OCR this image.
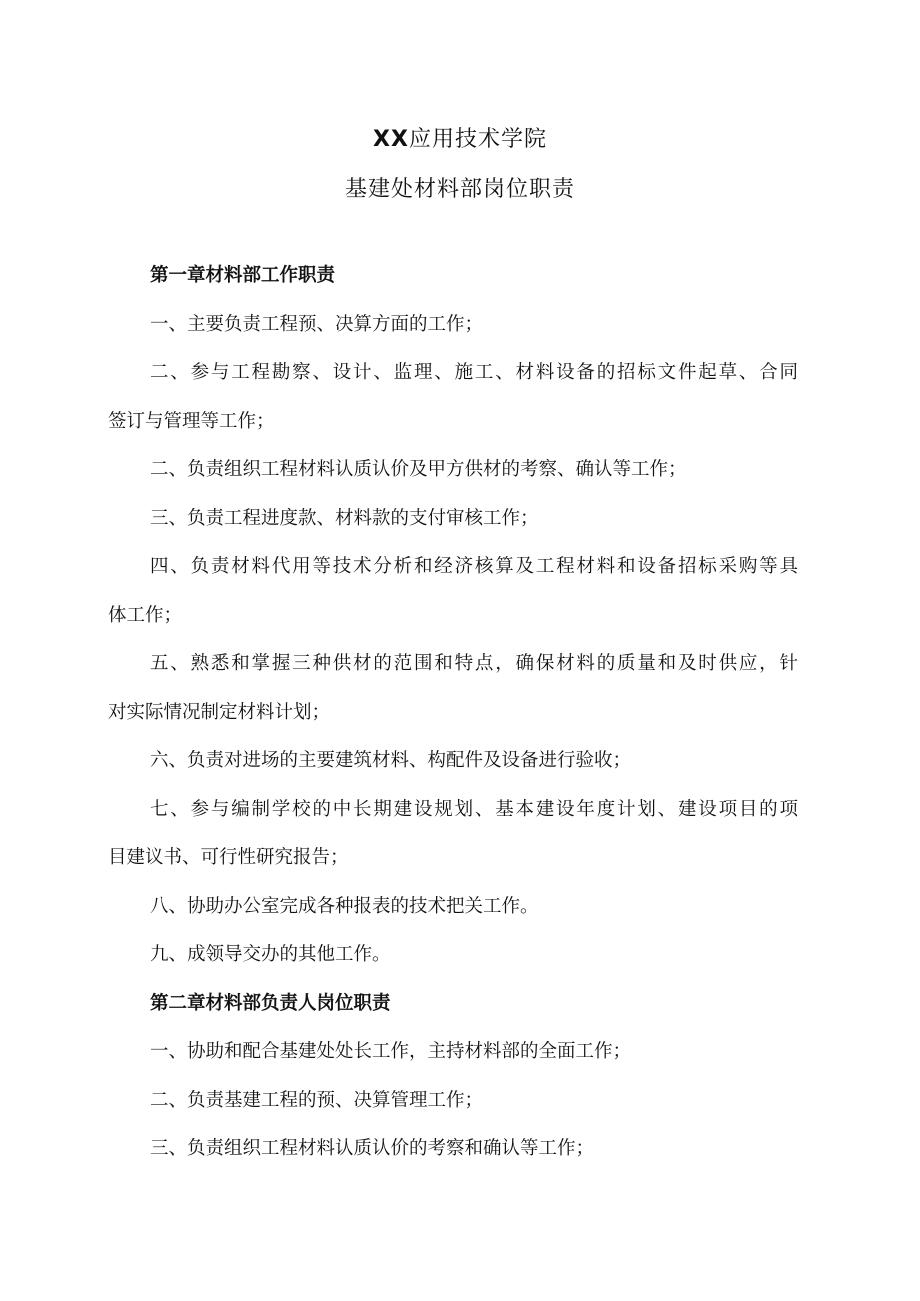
XX应用技术学院
基建处材料部岗位职责
第一章材料部工作职责
一、主要负责工程预、决算方面的工作；
二、参与工程勘察、设计、监理、施工、材料设备的招标文件起草、合同
签订与管理等工作；
二、负责组织工程材料认质认价及甲方供材的考察、确认等工作；
三、负责工程进度款、材料款的支付审核工作；
四、负责材料代用等技术分析和经济核算及工程材料和设备招标采购等具
体工作；
五、熟悉和掌握三种供材的范围和特点，确保材料的质量和及时供应，针
对实际情况制定材料计划；
六、负责对进场的主要建筑材料、构配件及设备进行验收；
七、参与编制学校的中长期建设规划、基本建设年度计划、建设项目的项
目建议书、可行性研究报告；
八、协助办公室完成各种报表的技术把关工作。
九、成领导交办的其他工作。
第二章材料部负责人岗位职责
一、协助和配合基建处处长工作，主持材料部的全面工作；
二、负责基建工程的预、决算管理工作；
三、负责组织工程材料认质认价的考察和确认等工作；
